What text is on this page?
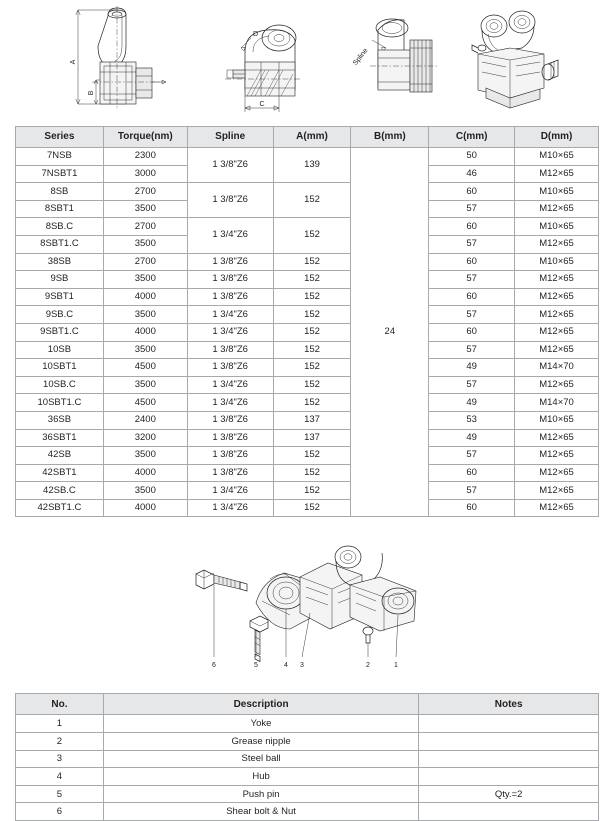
A
B
D
C
Spline
Series	Torque(nm)	Spline	A(mm)	B(mm)	C(mm)	D(mm)
7NSB	2300	1 3/8"Z6	139	24	50	M10×65
7NSBT1	3000				46	M12×65
8SB	2700	1 3/8"Z6	152		60	M10×65
8SBT1	3500				57	M12×65
8SB.C	2700	1 3/4"Z6	152		60	M10×65
8SBT1.C	3500				57	M12×65
38SB	2700	1 3/8"Z6	152		60	M10×65
9SB	3500	1 3/8"Z6	152		57	M12×65
9SBT1	4000	1 3/8"Z6	152		60	M12×65
9SB.C	3500	1 3/4"Z6	152		57	M12×65
9SBT1.C	4000	1 3/4"Z6	152		60	M12×65
10SB	3500	1 3/8"Z6	152		57	M12×65
10SBT1	4500	1 3/8"Z6	152		49	M14×70
10SB.C	3500	1 3/4"Z6	152		57	M12×65
10SBT1.C	4500	1 3/4"Z6	152		49	M14×70
36SB	2400	1 3/8"Z6	137		53	M10×65
36SBT1	3200	1 3/8"Z6	137		49	M12×65
42SB	3500	1 3/8"Z6	152		57	M12×65
42SBT1	4000	1 3/8"Z6	152		60	M12×65
42SB.C	3500	1 3/4"Z6	152		57	M12×65
42SBT1.C	4000	1 3/4"Z6	152		60	M12×65
6	5	4 3	2	1
No.	Description	Notes
1	Yoke	
2	Grease nipple	
3	Steel ball	
4	Hub	
5	Push pin	Qty.=2
6	Shear bolt & Nut	
